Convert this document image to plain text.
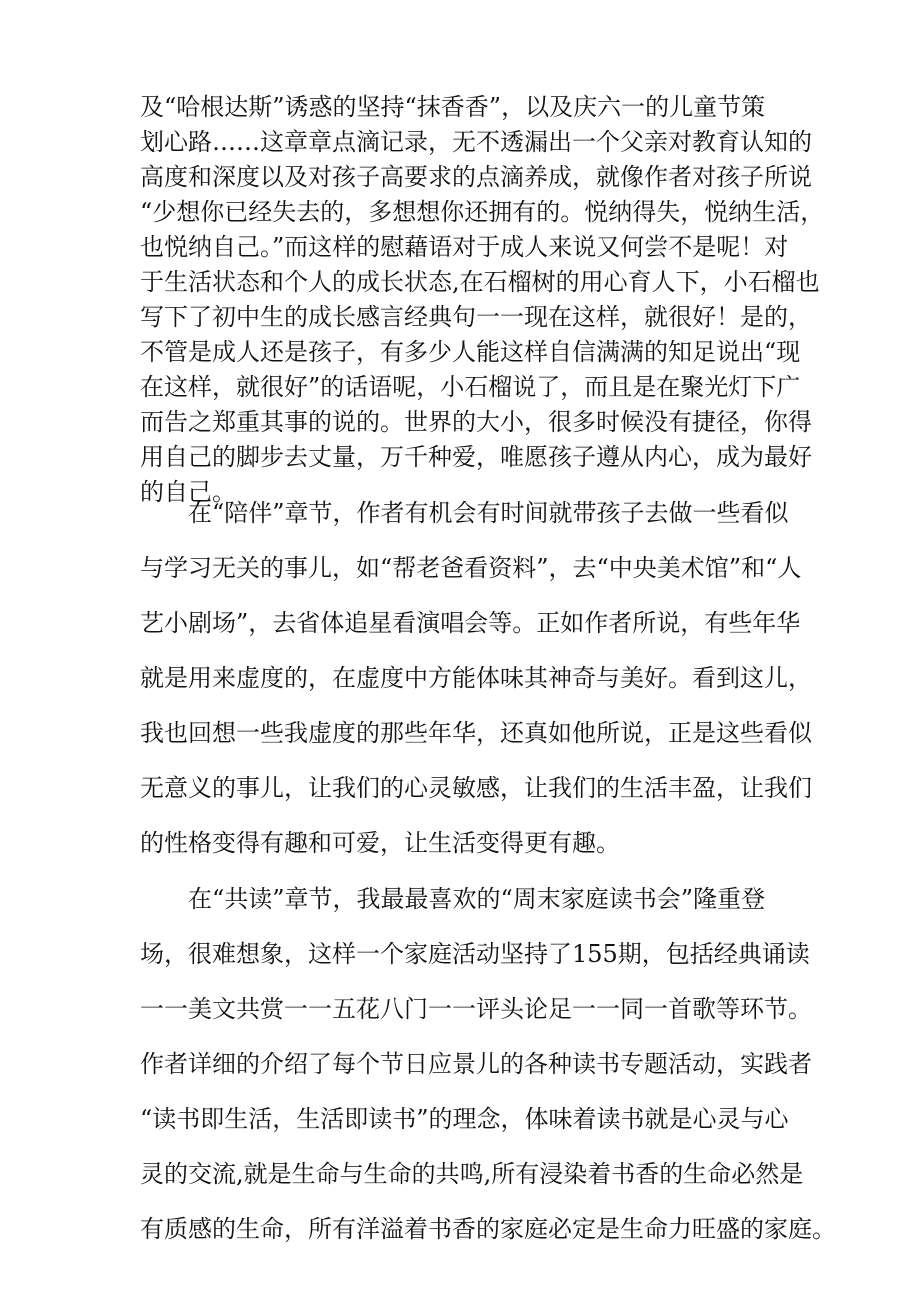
及“哈根达斯”诱惑的坚持“抹香香”，以及庆六一的儿童节策
划心路……这章章点滴记录，无不透漏出一个父亲对教育认知的
高度和深度以及对孩子高要求的点滴养成，就像作者对孩子所说
“少想你已经失去的，多想想你还拥有的。悦纳得失，悦纳生活，
也悦纳自己。”而这样的慰藉语对于成人来说又何尝不是呢！对
于生活状态和个人的成长状态,在石榴树的用心育人下，小石榴也
写下了初中生的成长感言经典句一一现在这样，就很好！是的，
不管是成人还是孩子，有多少人能这样自信满满的知足说出“现
在这样，就很好”的话语呢，小石榴说了，而且是在聚光灯下广
而告之郑重其事的说的。世界的大小，很多时候没有捷径，你得
用自己的脚步去丈量，万千种爱，唯愿孩子遵从内心，成为最好
的自己。
在“陪伴”章节，作者有机会有时间就带孩子去做一些看似
与学习无关的事儿，如“帮老爸看资料”，去“中央美术馆”和“人
艺小剧场”，去省体追星看演唱会等。正如作者所说，有些年华
就是用来虚度的，在虚度中方能体味其神奇与美好。看到这儿，
我也回想一些我虚度的那些年华，还真如他所说，正是这些看似
无意义的事儿，让我们的心灵敏感，让我们的生活丰盈，让我们
的性格变得有趣和可爱，让生活变得更有趣。
在“共读”章节，我最最喜欢的“周末家庭读书会”隆重登
场，很难想象，这样一个家庭活动坚持了155期，包括经典诵读
一一美文共赏一一五花八门一一评头论足一一同一首歌等环节。
作者详细的介绍了每个节日应景儿的各种读书专题活动，实践者
“读书即生活，生活即读书”的理念，体味着读书就是心灵与心
灵的交流,就是生命与生命的共鸣,所有浸染着书香的生命必然是
有质感的生命，所有洋溢着书香的家庭必定是生命力旺盛的家庭。
